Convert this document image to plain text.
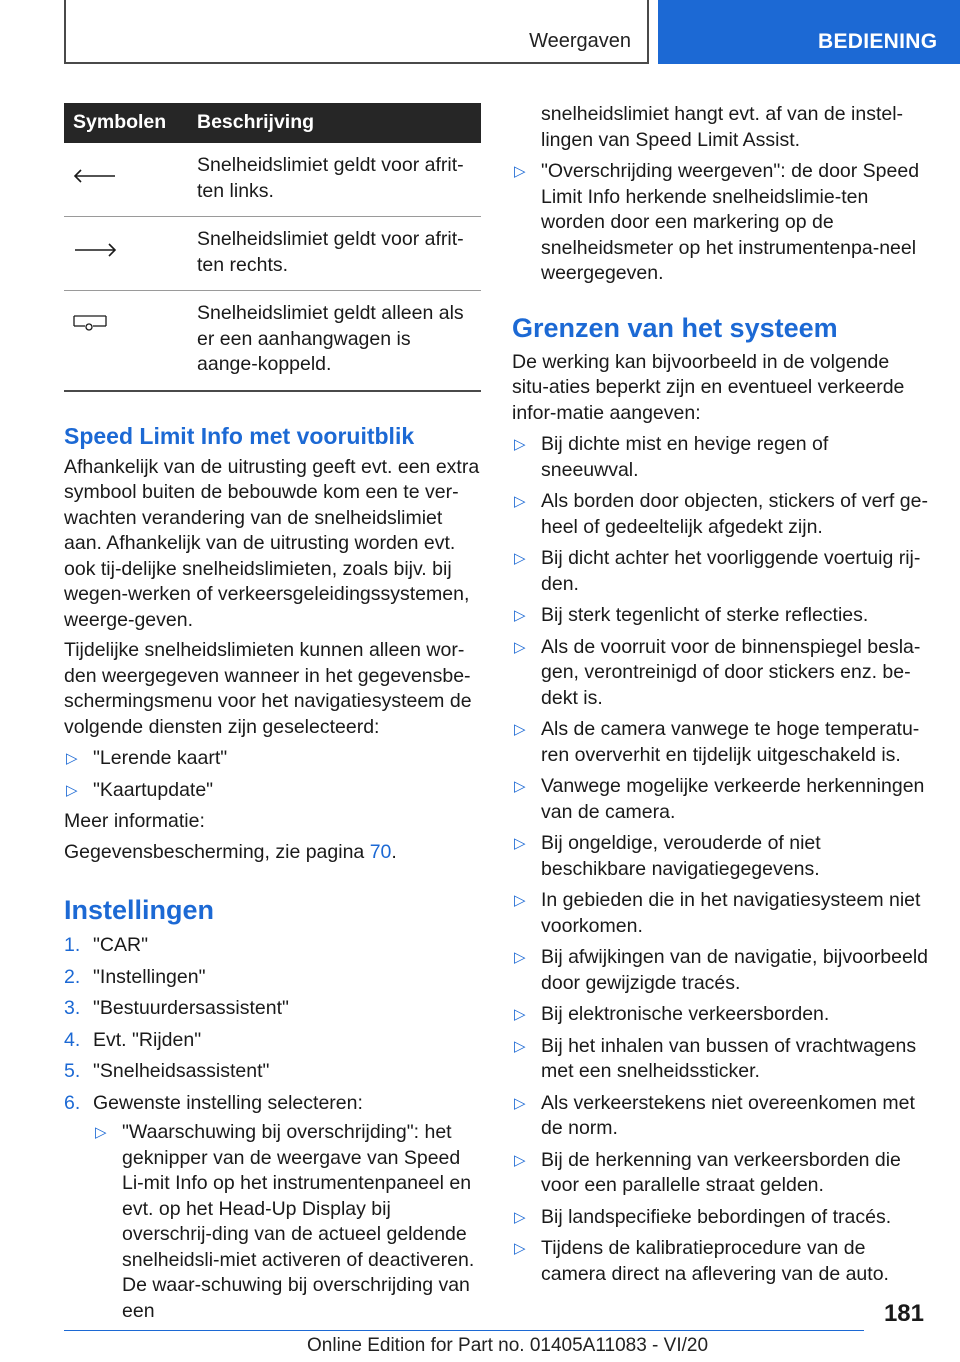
Weergaven	BEDIENING
Symbolen	Beschrijving
	Snelheidslimiet geldt voor afrit-ten links.
	Snelheidslimiet geldt voor afrit-ten rechts.
	Snelheidslimiet geldt alleen als er een aanhangwagen is aange-koppeld.
Speed Limit Info met vooruitblik

Afhankelijk van de uitrusting geeft evt. een extra symbool buiten de bebouwde kom een te ver-wachten verandering van de snelheidslimiet aan. Afhankelijk van de uitrusting worden evt. ook tij-delijke snelheidslimieten, zoals bijv. bij wegen-werken of verkeersgeleidingssystemen, weerge-geven.

Tijdelijke snelheidslimieten kunnen alleen wor-den weergegeven wanneer in het gegevensbe-schermingsmenu voor het navigatiesysteem de volgende diensten zijn geselecteerd:

▷ "Lerende kaart"
▷ "Kaartupdate"

Meer informatie:

Gegevensbescherming, zie pagina 70.

Instellingen
1. "CAR"
2. "Instellingen"
3. "Bestuurdersassistent"
4. Evt. "Rijden"
5. "Snelheidsassistent"
6. Gewenste instelling selecteren:
▷ "Waarschuwing bij overschrijding": het geknipper van de weergave van Speed Li-mit Info op het instrumentenpaneel en evt. op het Head-Up Display bij overschrij-ding van de actueel geldende snelheidsli-miet activeren of deactiveren. De waar-schuwing bij overschrijding van een
snelheidslimiet hangt evt. af van de instel-lingen van Speed Limit Assist.
▷ "Overschrijding weergeven": de door Speed Limit Info herkende snelheidslimie-ten worden door een markering op de snelheidsmeter op het instrumentenpa-neel weergegeven.
Grenzen van het systeem

De werking kan bijvoorbeeld in de volgende situ-aties beperkt zijn en eventueel verkeerde infor-matie aangeven:

▷ Bij dichte mist en hevige regen of sneeuwval.
▷ Als borden door objecten, stickers of verf ge-heel of gedeeltelijk afgedekt zijn.
▷ Bij dicht achter het voorliggende voertuig rij-den.
▷ Bij sterk tegenlicht of sterke reflecties.
▷ Als de voorruit voor de binnenspiegel besla-gen, verontreinigd of door stickers enz. be-dekt is.
▷ Als de camera vanwege te hoge temperatu-ren oververhit en tijdelijk uitgeschakeld is.
▷ Vanwege mogelijke verkeerde herkenningen van de camera.
▷ Bij ongeldige, verouderde of niet beschikbare navigatiegegevens.
▷ In gebieden die in het navigatiesysteem niet voorkomen.
▷ Bij afwijkingen van de navigatie, bijvoorbeeld door gewijzigde tracés.
▷ Bij elektronische verkeersborden.
▷ Bij het inhalen van bussen of vrachtwagens met een snelheidssticker.
▷ Als verkeerstekens niet overeenkomen met de norm.
▷ Bij de herkenning van verkeersborden die voor een parallelle straat gelden.
▷ Bij landspecifieke bebordingen of tracés.
▷ Tijdens de kalibratieprocedure van de camera direct na aflevering van de auto.
181
Online Edition for Part no. 01405A11083 - VI/20
